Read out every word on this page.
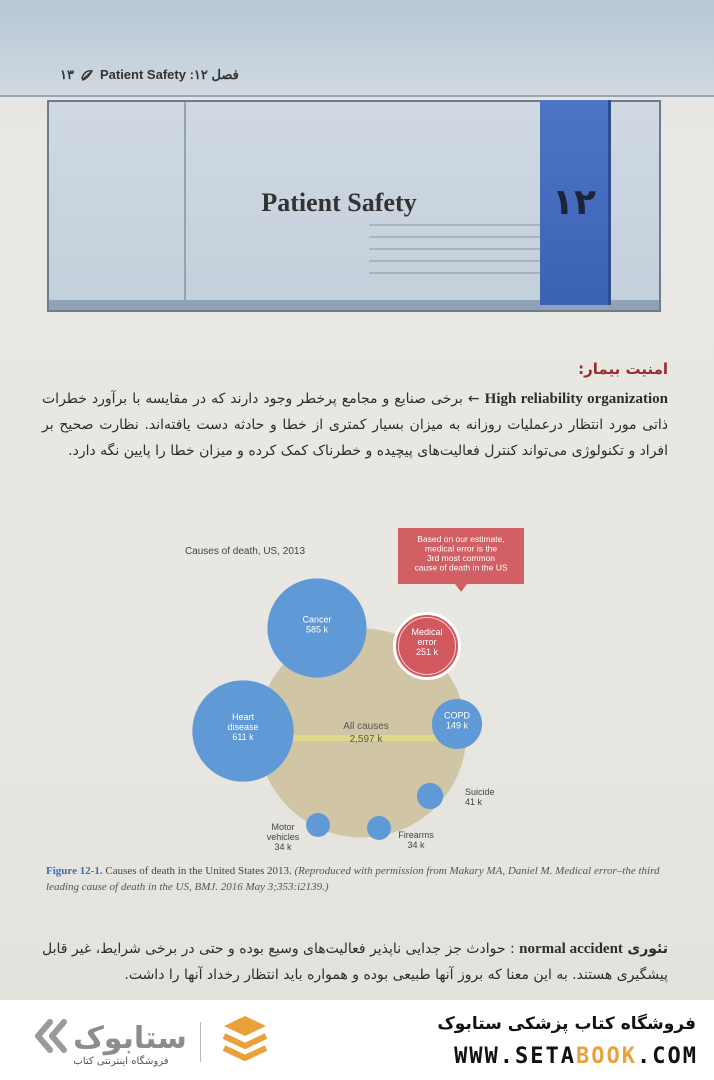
فصل ۱۲: Patient Safety
۱۳
Patient Safety	۱۲
امنیت بیمار:

High reliability organization ← برخی صنایع و مجامع پرخطر وجود دارند که در مقایسه با برآورد خطرات ذاتی مورد انتظار درعملیات روزانه به میزان بسیار کمتری از خطا و حادثه دست یافته‌اند. نظارت صحیح بر افراد و تکنولوژی می‌تواند کنترل فعالیت‌های پیچیده و خطرناک کمک کرده و میزان خطا را پایین نگه دارد.

Causes of death, US, 2013
All causes
2,597 k
Cancer 585 k	Medical error 251 k
Heart disease 611 k
COPD 149 k
Suicide 41 k
Firearms 34 k
Motor vehicles 34 k
Based on our estimate, medical error is the 3rd most common cause of death in the US
Figure 12-1. Causes of death in the United States 2013. (Reproduced with permission from Makary MA, Daniel M. Medical error–the third leading cause of death in the US, BMJ. 2016 May 3;353:i2139.)

تئوری normal accident : حوادث جز جدایی ناپذیر فعالیت‌های وسیع بوده و حتی در برخی شرایط، غیر قابل پیشگیری هستند. به این معنا که بروز آنها طبیعی بوده و همواره باید انتظار رخداد آنها را داشت.

ستابوک
فروشگاه اینترنتی کتاب
فروشگاه کتاب پزشکی ستابوک
WWW.SETABOOK.COM
